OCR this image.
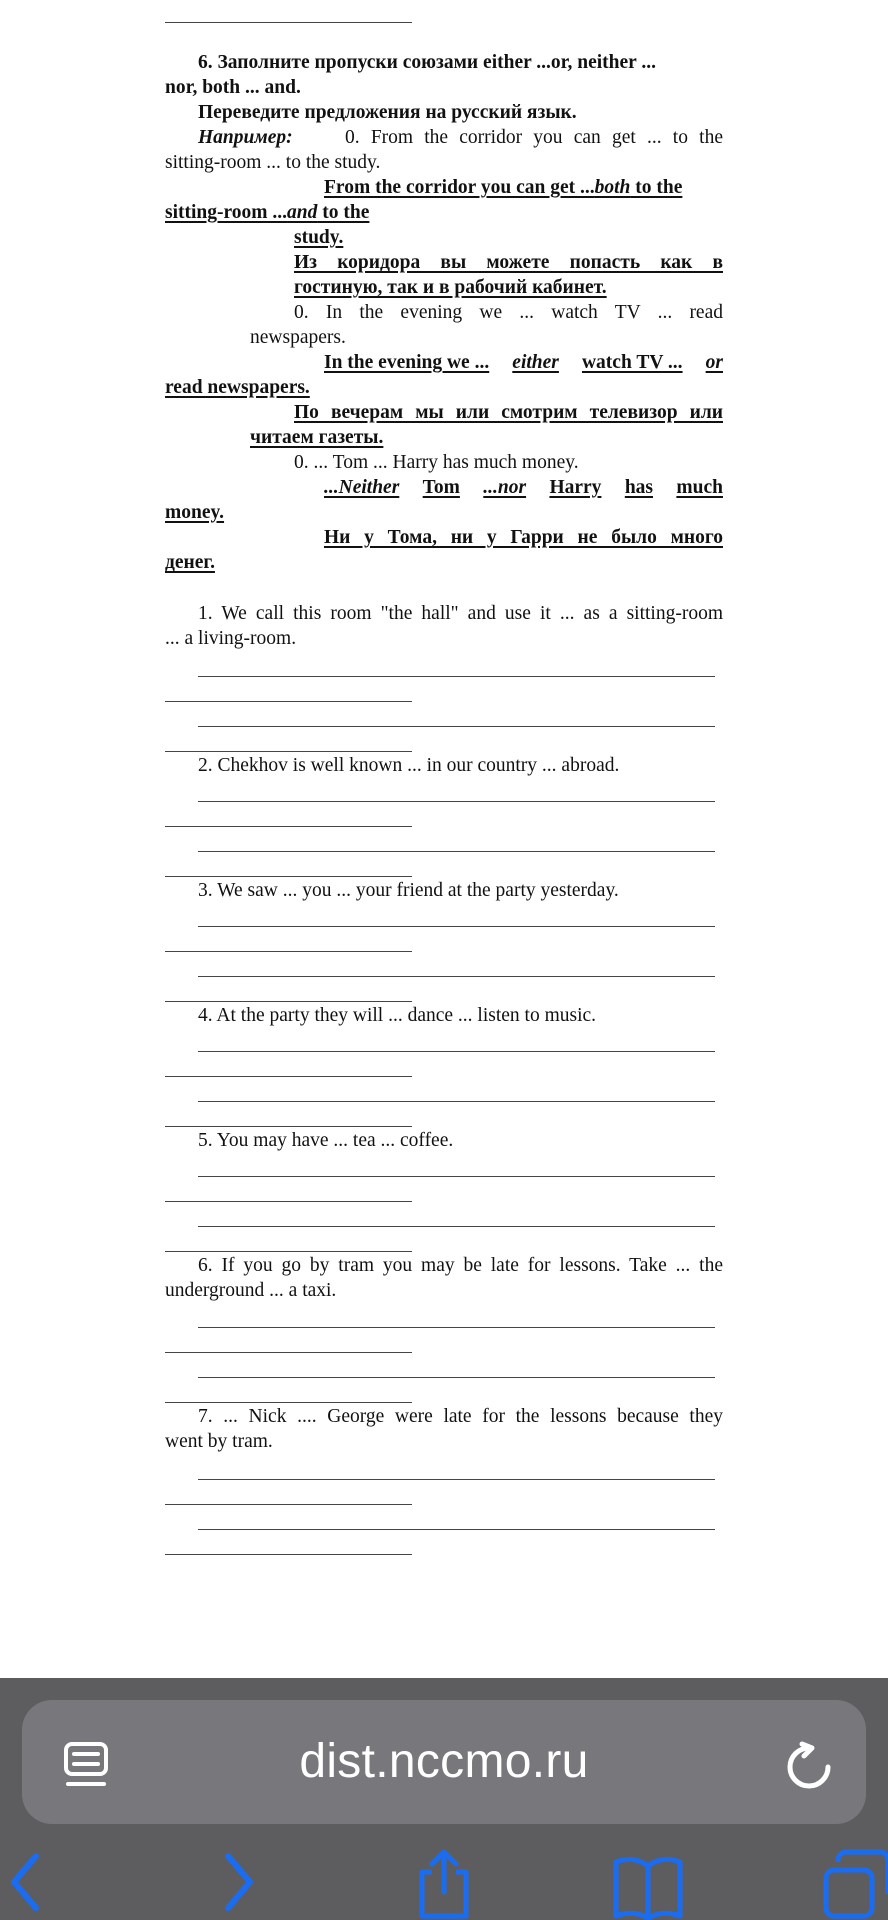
6. Заполните пропуски союзами either ...or, neither ...
nor, both ... and.
Переведите предложения на русский язык.
Например:	0. From the corridor you can get ... to the
sitting-room ... to the study.
From the corridor you can get ...both to the
sitting-room ...and to the
study.
Из коридора вы можете попасть как в
гостиную, так и в рабочий кабинет.
0. In the evening we ... watch TV ... read
newspapers.
In the evening we ... either watch TV ... or
read newspapers.
По вечерам мы или смотрим телевизор или
читаем газеты.
0. ... Tom ... Harry has much money.
...Neither Tom ...nor Harry has much
money.
Ни у Тома, ни у Гарри не было много
денег.
1. We call this room "the hall" and use it ... as a sitting-room
... a living-room.
2. Chekhov is well known ... in our country ... abroad.
3. We saw ... you ... your friend at the party yesterday.
4. At the party they will ... dance ... listen to music.
5. You may have ... tea ... coffee.
6. If you go by tram you may be late for lessons. Take ... the
underground ... a taxi.
7. ... Nick .... George were late for the lessons because they
went by tram.
dist.nccmo.ru
